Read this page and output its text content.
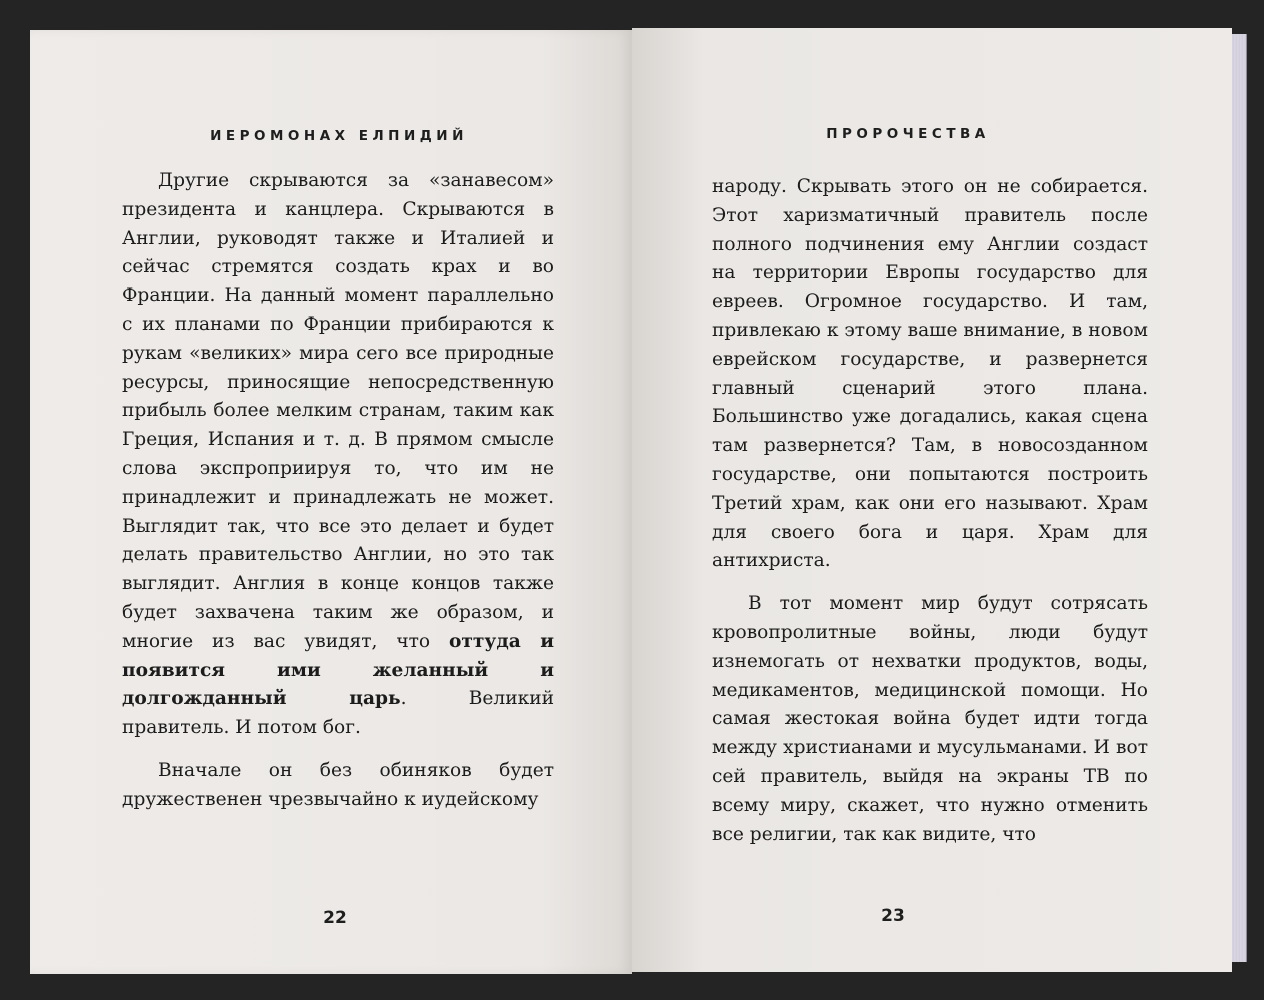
ИЕРОМОНАХ ЕЛПИДИЙ

Другие скрываются за «занавесом» президента и канцлера. Скрываются в Англии, руководят также и Италией и сейчас стремятся создать крах и во Франции. На данный момент параллельно с их планами по Франции прибираются к рукам «великих» мира сего все природные ресурсы, приносящие непосредственную прибыль более мелким странам, таким как Греция, Испания и т. д. В прямом смысле слова экспроприируя то, что им не принадлежит и принадлежать не может. Выглядит так, что все это делает и будет делать правительство Англии, но это так выглядит. Англия в конце концов также будет захвачена таким же образом, и многие из вас увидят, что оттуда и появится ими желанный и долгожданный царь. Великий правитель. И потом бог.

Вначале он без обиняков будет дружественен чрезвычайно к иудейскому

22
ПРОРОЧЕСТВА

народу. Скрывать этого он не собирается. Этот харизматичный правитель после полного подчинения ему Англии создаст на территории Европы государство для евреев. Огромное государство. И там, привлекаю к этому ваше внимание, в новом еврейском государстве, и развернется главный сценарий этого плана. Большинство уже догадались, какая сцена там развернется? Там, в новосозданном государстве, они попытаются построить Третий храм, как они его называют. Храм для своего бога и царя. Храм для антихриста.

В тот момент мир будут сотрясать кровопролитные войны, люди будут изнемогать от нехватки продуктов, воды, медикаментов, медицинской помощи. Но самая жестокая война будет идти тогда между христианами и мусульманами. И вот сей правитель, выйдя на экраны ТВ по всему миру, скажет, что нужно отменить все религии, так как видите, что

23
